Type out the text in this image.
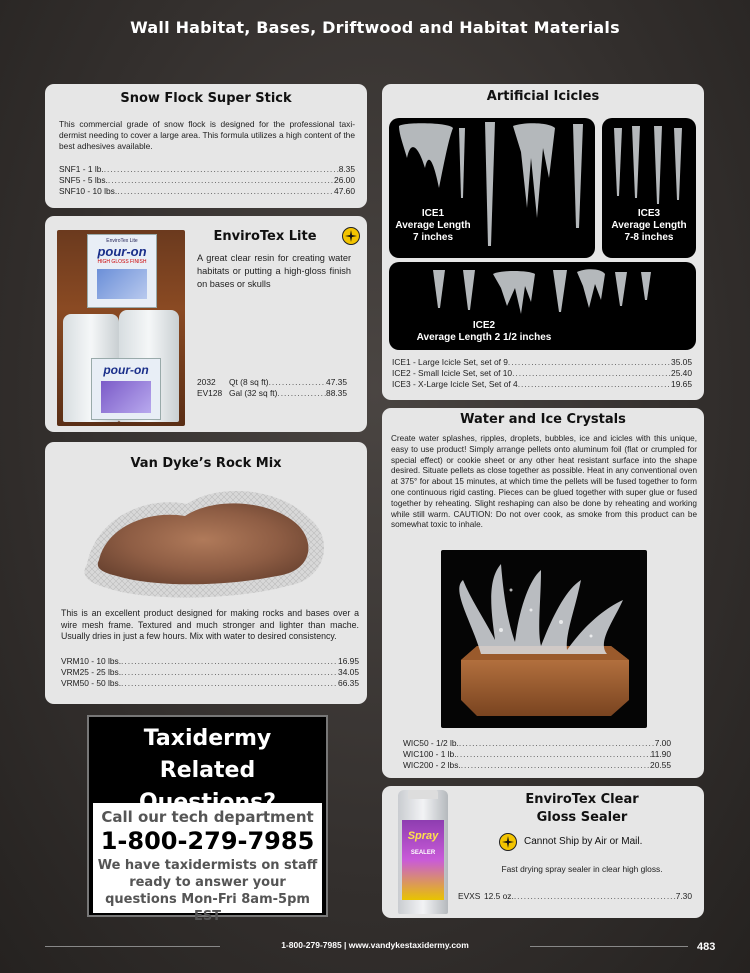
Wall Habitat, Bases, Driftwood and Habitat Materials
Snow Flock Super Stick
This commercial grade of snow flock is designed for the professional taxi-dermist needing to cover a large area. This formula utilizes a high content of the best adhesives available.
SNF1 - 1 lb. .....	8.35
SNF5 - 5 lbs. .....	26.00
SNF10 - 10 lbs. .....	47.60
EnviroTex Lite
pour-on
HIGH GLOSS FINISH
pour-on
EnviroTex Lite
A great clear resin for creating water habitats or putting a high-gloss finish on bases or skulls
2032	Qt (8 sq ft) .....	47.35
EV128 Gal (32 sq ft) .....	88.35
Van Dyke’s Rock Mix
This is an excellent product designed for making rocks and bases over a wire mesh frame. Textured and much stronger and lighter than mache. Usually dries in just a few hours. Mix with water to desired consistency.
VRM10 - 10 lbs. .....	16.95
VRM25 - 25 lbs. .....	34.05
VRM50 - 50 lbs. .....	66.35
Taxidermy
Related
Call our tech department
1-800-279-7985
We have taxidermists on staff
ready to answer your
questions Mon-Fri 8am-5pm EST
Artificial Icicles
ICE1
Average Length
7 inches
ICE3
Average Length
7-8 inches
ICE2
Average Length 2 1/2 inches
ICE1 - Large Icicle Set, set of 9 .....	35.05
ICE2 - Small Icicle Set, set of 10 .....	25.40
ICE3 - X-Large Icicle Set, Set of 4 .....	19.65
Water and Ice Crystals
Create water splashes, ripples, droplets, bubbles, ice and icicles with this unique, easy to use product! Simply arrange pellets onto aluminum foil (flat or crumpled for special effect) or cookie sheet or any other heat resistant surface into the shape desired. Situate pellets as close together as possible. Heat in any conventional oven at 375° for about 15 minutes, at which time the pellets will be fused together to form one continuous rigid casting. Pieces can be glued together with super glue or fused together by reheating. Slight reshaping can also be done by reheating and working while still warm. CAUTION: Do not over cook, as smoke from this product can be somewhat toxic to inhale.
WIC50 - 1/2 lb. .....	7.00
WIC100 - 1 lb. .....	11.90
WIC200 - 2 lbs. .....	20.55
Spray
SEALER
EnviroTex Clear
Gloss Sealer
Cannot Ship by Air or Mail.
Fast drying spray sealer in clear high gloss.
EVXS 12.5 oz. .....	7.30
1-800-279-7985 | www.vandykestaxidermy.com	483
